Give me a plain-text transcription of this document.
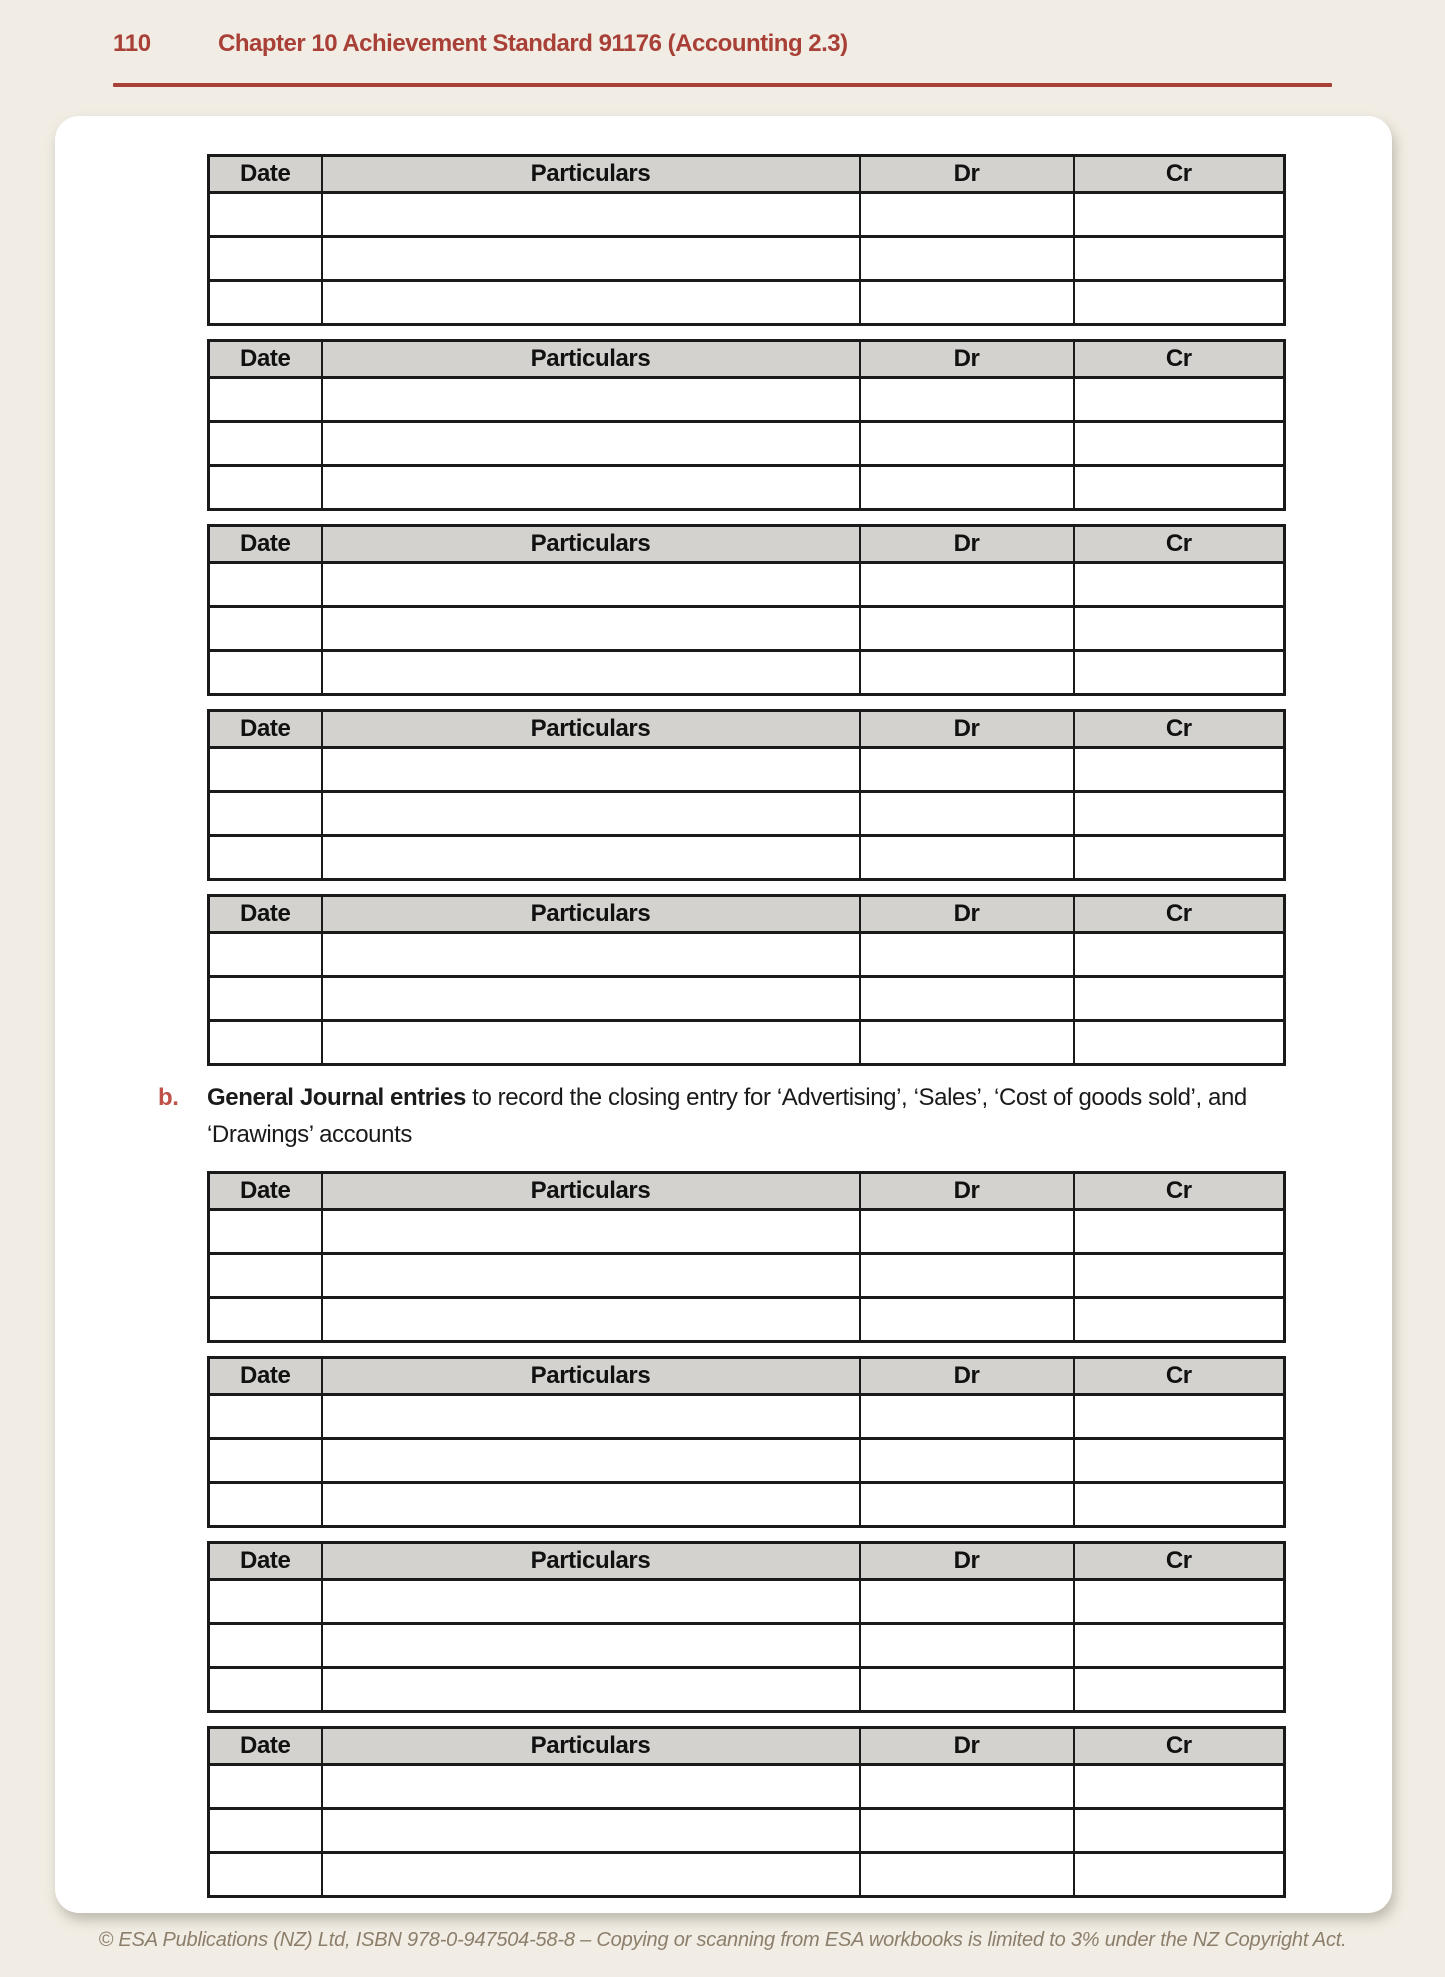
110	Chapter 10 Achievement Standard 91176 (Accounting 2.3)
Date	Particulars	Dr	Cr

Date	Particulars	Dr	Cr

Date	Particulars	Dr	Cr

Date	Particulars	Dr	Cr

Date	Particulars	Dr	Cr

b.	General Journal entries to record the closing entry for ‘Advertising’, ‘Sales’, ‘Cost of goods sold’, and
‘Drawings’ accounts
Date	Particulars	Dr	Cr

Date	Particulars	Dr	Cr

Date	Particulars	Dr	Cr

Date	Particulars	Dr	Cr

© ESA Publications (NZ) Ltd, ISBN 978-0-947504-58-8 – Copying or scanning from ESA workbooks is limited to 3% under the NZ Copyright Act.
